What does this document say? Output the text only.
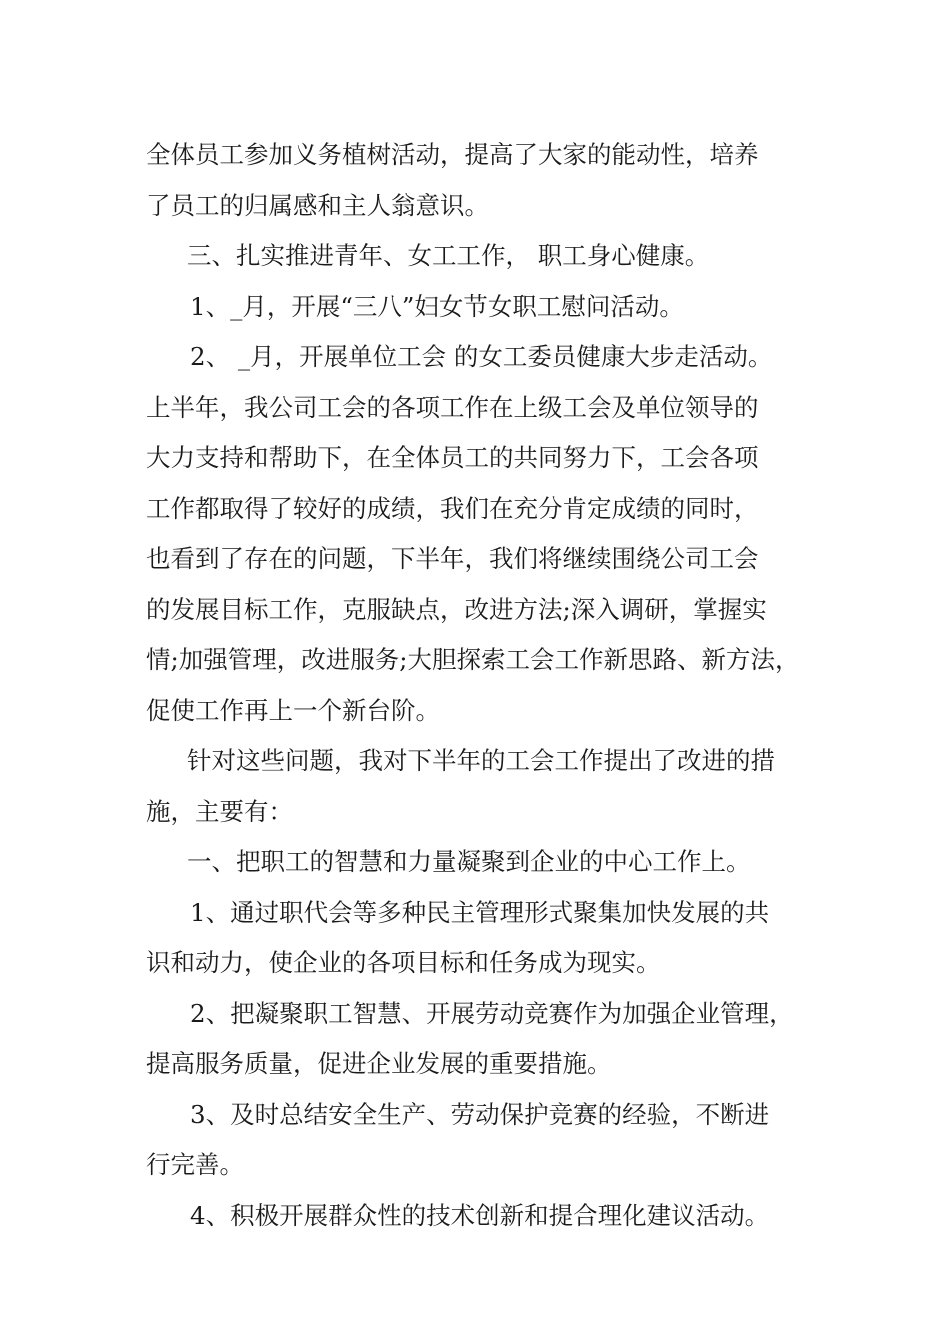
全体员工参加义务植树活动，提高了大家的能动性，培养
了员工的归属感和主人翁意识。
三、扎实推进青年、女工工作， 职工身心健康。
1、_月，开展“三八”妇女节女职工慰问活动。
2、 _月，开展单位工会 的女工委员健康大步走活动。
上半年，我公司工会的各项工作在上级工会及单位领导的
大力支持和帮助下，在全体员工的共同努力下，工会各项
工作都取得了较好的成绩，我们在充分肯定成绩的同时，
也看到了存在的问题，下半年，我们将继续围绕公司工会
的发展目标工作，克服缺点，改进方法;深入调研，掌握实
情;加强管理，改进服务;大胆探索工会工作新思路、新方法，
促使工作再上一个新台阶。
针对这些问题，我对下半年的工会工作提出了改进的措
施，主要有：
一、把职工的智慧和力量凝聚到企业的中心工作上。
1、通过职代会等多种民主管理形式聚集加快发展的共
识和动力，使企业的各项目标和任务成为现实。
2、把凝聚职工智慧、开展劳动竞赛作为加强企业管理，
提高服务质量，促进企业发展的重要措施。
3、及时总结安全生产、劳动保护竞赛的经验，不断进
行完善。
4、积极开展群众性的技术创新和提合理化建议活动。
